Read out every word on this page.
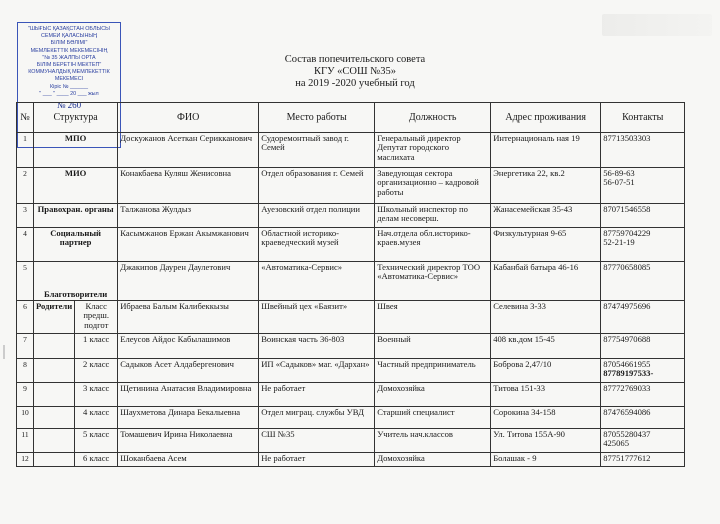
"ШЫҒЫС ҚАЗАҚСТАН ОБЛЫСЫ
СЕМЕЙ ҚАЛАСЫНЫҢ
БІЛІМ БӨЛІМІ"
МЕМЛЕКЕТТІК МЕКЕМЕСІНІҢ
"№ 35 ЖАЛПЫ ОРТА
БІЛІМ БЕРЕТІН МЕКТЕП"
КОММУНАЛДЫҚ МЕМЛЕКЕТТІК
МЕКЕМЕСІ
Кіріс № ______
" ___ " ____ 20 ___ жыл
№ 260
Состав попечительского совета
КГУ «СОШ №35»
на 2019 -2020 учебный год
№	Структура		ФИО	Место работы	Должность	Адрес проживания	Контакты
1	МПО		Доскужанов Асеткан Серикканович	Судоремонтный завод г. Семей	Генеральный директор Депутат городского маслихата	Интернациональ ная 19	87713503303
2	МИО		Конакбаева Куляш Женисовна	Отдел образования г. Семей	Заведующая сектора организационно – кадровой работы	Энергетика 22, кв.2	56-89-63
56-07-51
3	Правохран. органы		Талжанова Жулдыз	Ауезовский отдел полиции	Школьный инспектор по делам несоверш.	Жанасемейская 35-43	87071546558
4	Социальный партнер		Касымжанов Ержан Акымжанович	Областной историко-краеведческий музей	Нач.отдела обл.историко-краев.музея	Физкультурная 9-65	87759704229
52-21-19
5	Благотворители		Джакипов Даурен Даулетович	«Автоматика-Сервис»	Технический директор ТОО «Автоматика-Сервис»	Кабанбай батыра 46-16	87770658085
6	Родители	Класс предш. подгот	Ибраева Балым Калибеккызы	Швейный цех «Баязит»	Швея	Селевина 3-33	87474975696
7		1 класс	Елеусов Айдос Кабылашимов	Воинская часть 36-803	Военный	408 кв.дом 15-45	87754970688
8		2 класс	Садыков Асет Алдабергенович	ИП «Садыков» маг. «Дархан»	Частный предприниматель	Боброва 2,47/10	87054661955
87789197533-
9		3 класс	Щетинина Анатасия Владимировна	Не работает	Домохозяйка	Титова 151-33	87772769033
10		4 класс	Шаухметова Динара Бекалыевна	Отдел миграц. службы УВД	Старший специалист	Сорокина 34-158	87476594086
11		5 класс	Томашевич Ирина Николаевна	СШ №35	Учитель нач.классов	Ул. Титова 155А-90	87055280437
425065
12		6 класс	Шоканбаева Асем	Не работает	Домохозяйка	Болашак - 9	87751777612
